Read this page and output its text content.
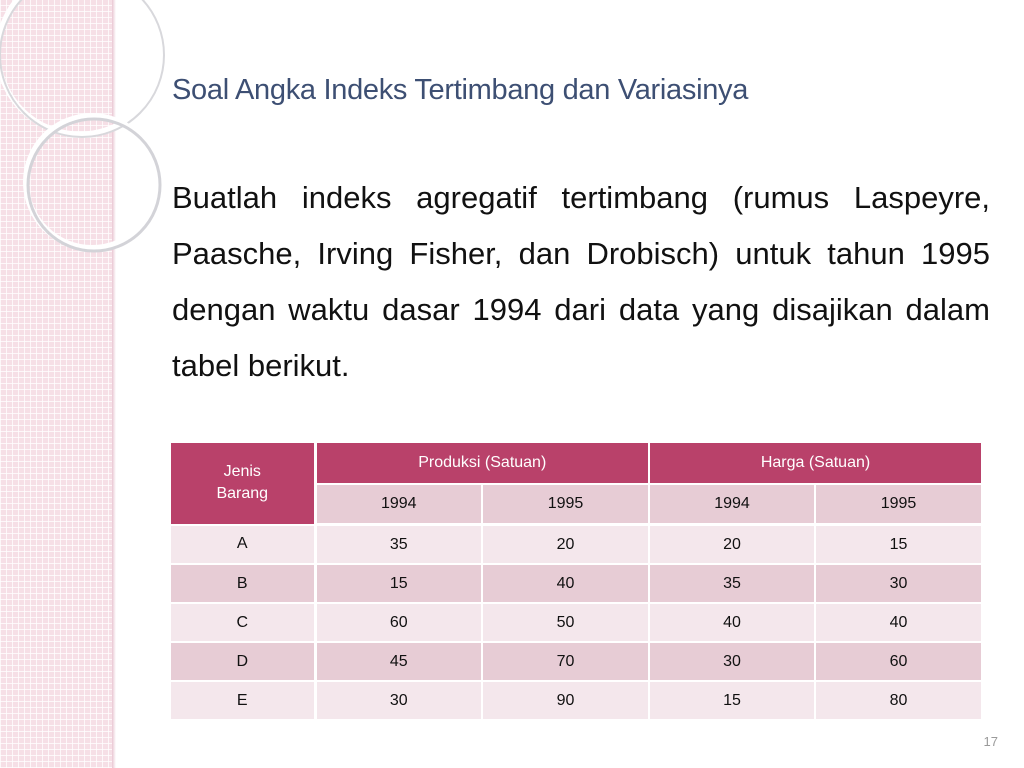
Soal Angka Indeks Tertimbang dan Variasinya

Buatlah indeks agregatif tertimbang (rumus Laspeyre, Paasche, Irving Fisher, dan Drobisch) untuk tahun 1995 dengan waktu dasar 1994 dari data yang disajikan dalam tabel berikut.

Jenis Barang	Produksi (Satuan)		Harga (Satuan)	
	1994	1995	1994	1995
A	35	20	20	15
B	15	40	35	30
C	60	50	40	40
D	45	70	30	60
E	30	90	15	80
17
